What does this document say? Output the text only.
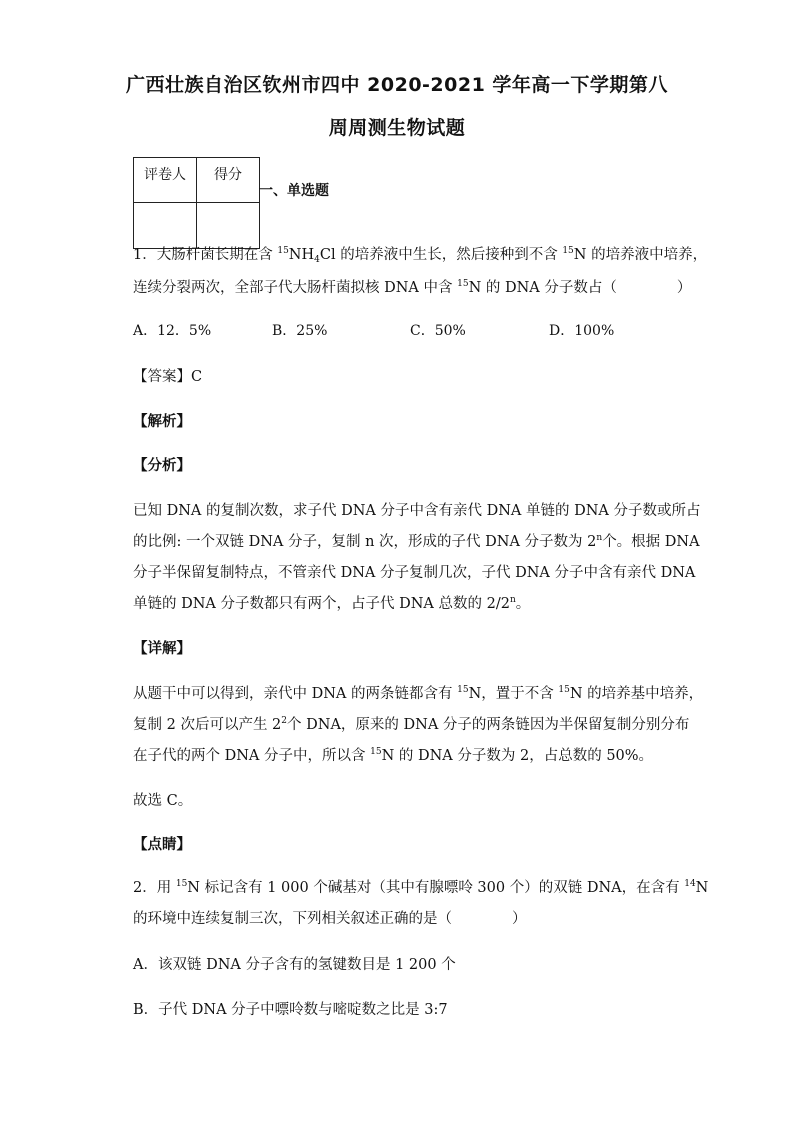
广西壮族自治区钦州市四中 2020-2021 学年高一下学期第八
周周测生物试题
评卷人	得分

一、单选题
1．大肠杆菌长期在含 $^{15}NH_4Cl$ 的培养液中生长，然后接种到不含 $^{15}$N 的培养液中培养，
连续分裂两次，全部子代大肠杆菌拟核 DNA 中含 $^{15}$N 的 DNA 分子数占（	）
A．12．5%	B．25%	C．50%	D．100%
【答案】C
【解析】
【分析】
已知 DNA 的复制次数，求子代 DNA 分子中含有亲代 DNA 单链的 DNA 分子数或所占
的比例: 一个双链 DNA 分子，复制 n 次，形成的子代 DNA 分子数为 2$^n$个。根据 DNA
分子半保留复制特点，不管亲代 DNA 分子复制几次，子代 DNA 分子中含有亲代 DNA
单链的 DNA 分子数都只有两个，占子代 DNA 总数的 2/2$^n$。
【详解】
从题干中可以得到，亲代中 DNA 的两条链都含有 $^{15}$N，置于不含 $^{15}$N 的培养基中培养，
复制 2 次后可以产生 $2^2$个 DNA，原来的 DNA 分子的两条链因为半保留复制分别分布
在子代的两个 DNA 分子中，所以含 $^{15}$N 的 DNA 分子数为 2，占总数的 50%。
故选 C。
【点睛】
2．用 $^{15}$N 标记含有 1 000 个碱基对（其中有腺嘌呤 300 个）的双链 DNA，在含有 $^{14}$N
的环境中连续复制三次，下列相关叙述正确的是（	）
A．该双链 DNA 分子含有的氢键数目是 1 200 个
B．子代 DNA 分子中嘌呤数与嘧啶数之比是 3:7
